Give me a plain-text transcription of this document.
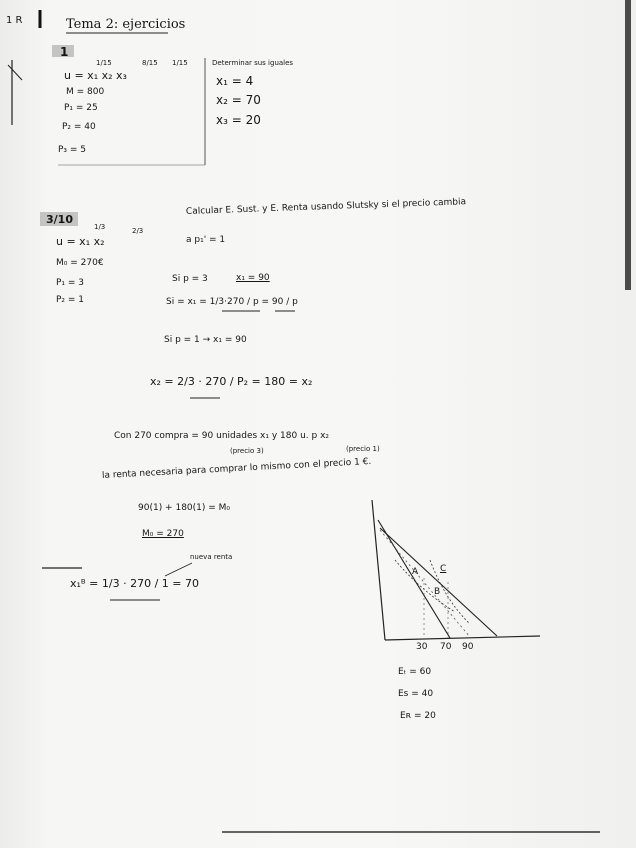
1 R	Tema 2: ejercicios
1
1/15	8/15 1/15
u = x₁ x₂ x₃
M = 800
P₁ = 25
P₂ = 40
P₃ = 5
Determinar sus iguales
x₁ = 4
x₂ = 70
x₃ = 20
3/10
1/3	2/3
Calcular E. Sust. y E. Renta usando Slutsky si el precio cambia
a p₁' = 1
u = x₁ x₂
M₀ = 270€
P₁ = 3
P₂ = 1
Si p = 3	x₁ = 90
Si = x₁ = 1/3·270 / p = 90 / p
Si p = 1 → x₁ = 90
x₂ = 2/3 · 270 / P₂ = 180 = x₂
Con 270 compra = 90 unidades x₁ y 180 u. p x₂
(precio 3)	(precio 1)
la renta necesaria para comprar lo mismo con el precio 1 €.
90(1) + 180(1) = M₀
M₀ = 270
nueva renta
x₁ᴮ = 1/3 · 270 / 1 = 70
A C
B
30 70 90
Eₜ = 60
Es = 40
Eʀ = 20
